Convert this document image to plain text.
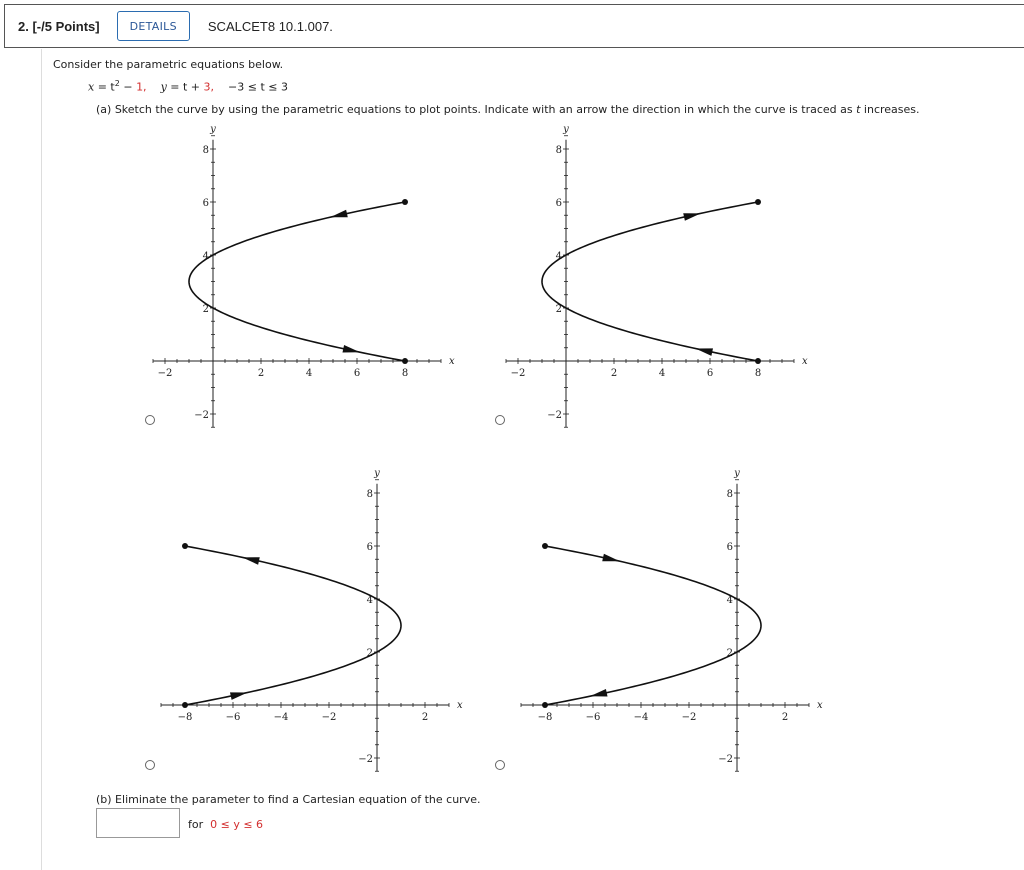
2. [-/5 Points]	DETAILS	SCALCET8 10.1.007.
Consider the parametric equations below.
$x = t^2 - 1$, y = t + 3, −3 ≤ t ≤ 3
(a) Sketch the curve by using the parametric equations to plot points. Indicate with an arrow the direction in which the curve is traced as t increases.
−2	2	4	6	8
−2
2
4
6
8
x
y
−2	2	4	6	8
−2
2
4
6
8
x
y
−8	−6	−4	−2	2
−2
2
4
6
8
x
y
−8	−6	−4	−2	2
−2
2
4
6
8
x
y
(b) Eliminate the parameter to find a Cartesian equation of the curve.
for 0 ≤ y ≤ 6
